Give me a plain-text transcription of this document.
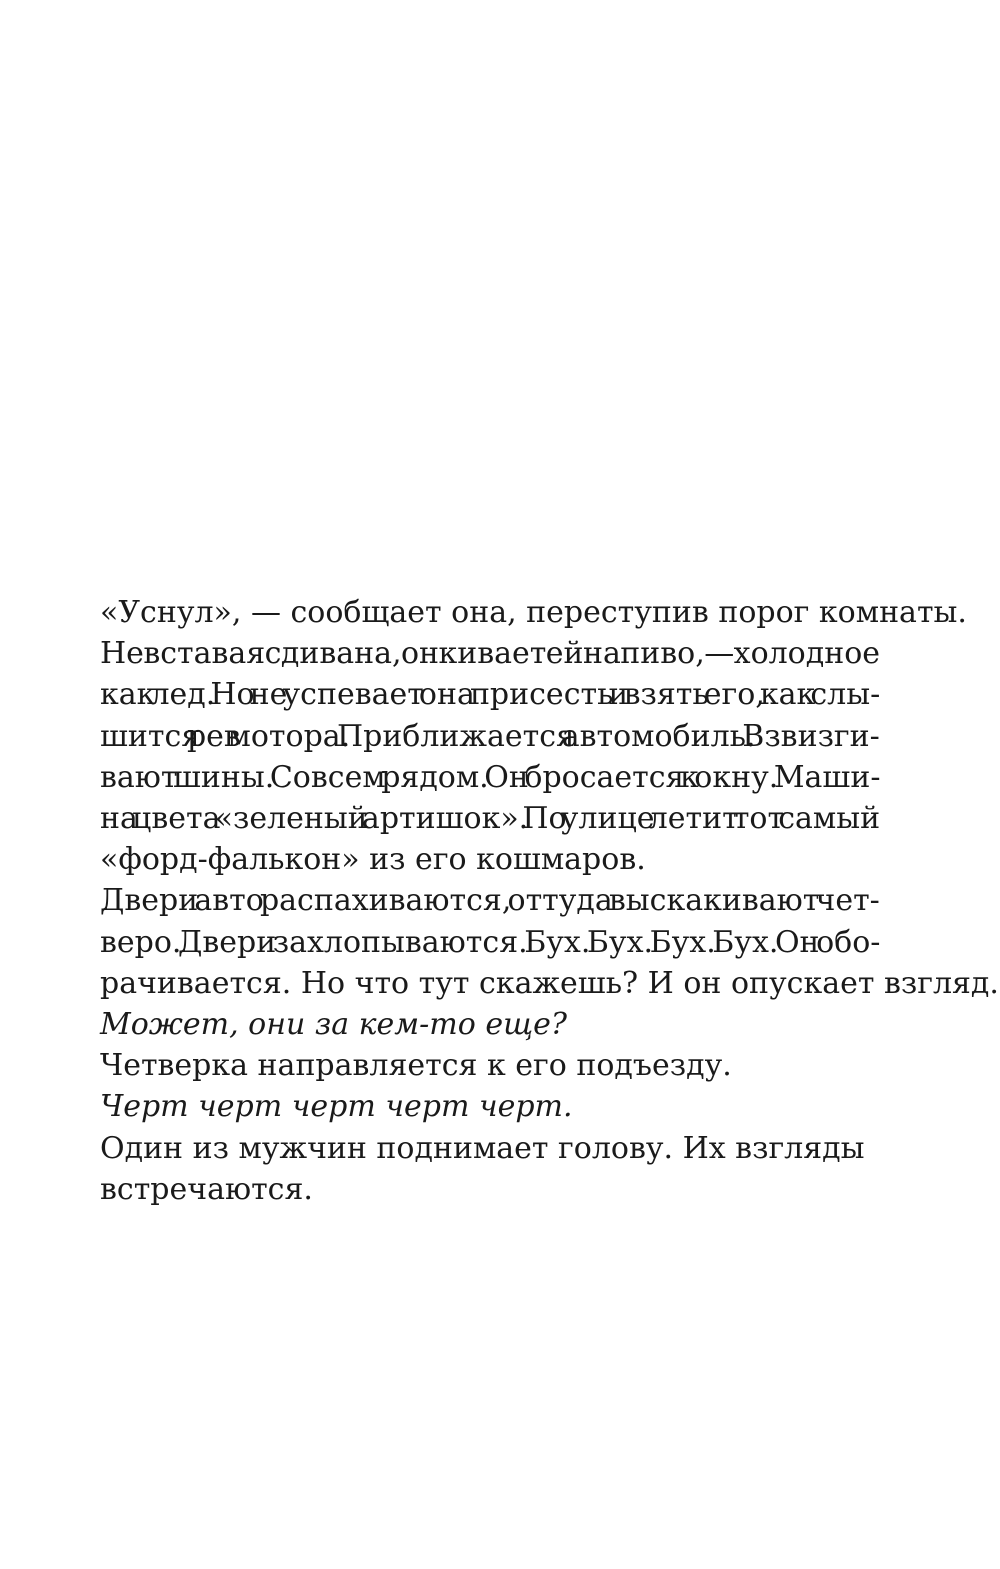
«Уснул», — сообщает она, переступив порог комнаты.

Не вставая с дивана, он кивает ей на пиво, — холодное
как лед. Но не успевает она присесть и взять его, как слы-
шится рев мотора. Приближается автомобиль. Взвизги-
вают шины. Совсем рядом. Он бросается к окну. Маши-
на цвета «зеленый артишок». По улице летит тот самый
«форд-фалькон» из его кошмаров.

Двери авто распахиваются, оттуда выскакивают чет-
веро. Двери захлопываются. Бух. Бух. Бух. Бух. Он обо-
рачивается. Но что тут скажешь? И он опускает взгляд.

Может, они за кем-то еще?

Четверка направляется к его подъезду.

Черт черт черт черт черт.

Один из мужчин поднимает голову. Их взгляды
встречаются.
